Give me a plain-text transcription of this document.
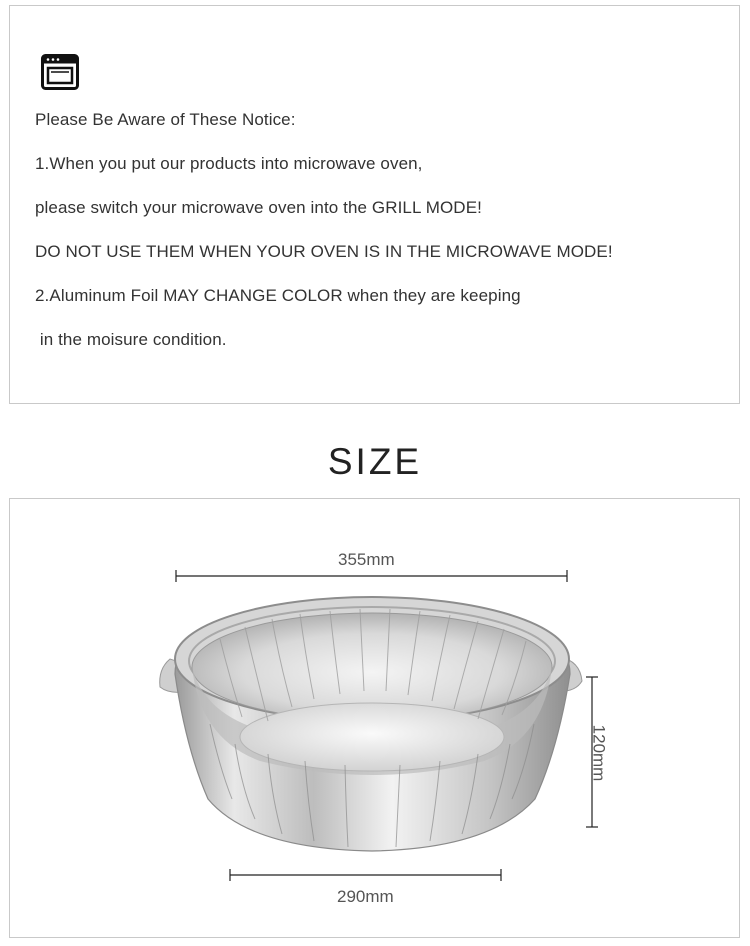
Please Be Aware of These Notice:
1.When you put our products into microwave oven,
please switch your microwave oven into the GRILL MODE!
DO NOT USE THEM WHEN YOUR OVEN IS IN THE MICROWAVE MODE!
2.Aluminum Foil MAY CHANGE COLOR when they are keeping
in the moisure condition.
SIZE
355mm
120mm
290mm
